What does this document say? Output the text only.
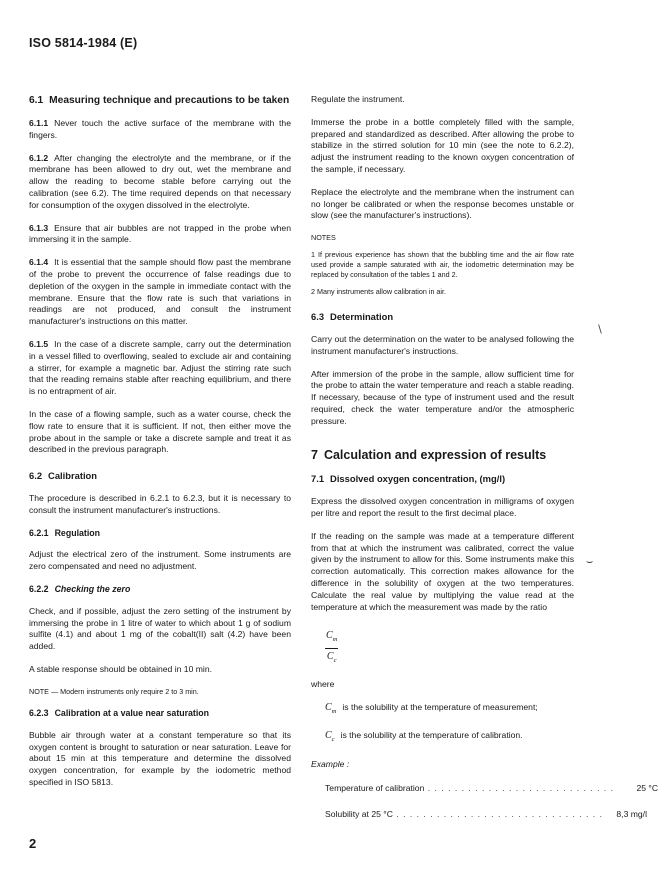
ISO 5814-1984 (E)
6.1 Measuring technique and precautions to be taken

6.1.1 Never touch the active surface of the membrane with the fingers.

6.1.2 After changing the electrolyte and the membrane, or if the membrane has been allowed to dry out, wet the membrane and allow the reading to become stable before carrying out the calibration (see 6.2). The time required depends on that necessary for consumption of the oxygen dissolved in the electrolyte.

6.1.3 Ensure that air bubbles are not trapped in the probe when immersing it in the sample.

6.1.4 It is essential that the sample should flow past the membrane of the probe to prevent the occurrence of false readings due to depletion of the oxygen in the sample in immediate contact with the membrane. Ensure that the flow rate is such that variations in readings are not produced, and consult the instrument manufacturer's instructions on this matter.

6.1.5 In the case of a discrete sample, carry out the determination in a vessel filled to overflowing, sealed to exclude air and containing a stirrer, for example a magnetic bar. Adjust the stirring rate such that the reading remains stable after reaching equilibrium, and there is no entrapment of air.

In the case of a flowing sample, such as a water course, check the flow rate to ensure that it is sufficient. If not, then either move the probe about in the sample or take a discrete sample and treat it as described in the previous paragraph.

6.2 Calibration

The procedure is described in 6.2.1 to 6.2.3, but it is necessary to consult the instrument manufacturer's instructions.

6.2.1 Regulation

Adjust the electrical zero of the instrument. Some instruments are zero compensated and need no adjustment.

6.2.2 Checking the zero

Check, and if possible, adjust the zero setting of the instrument by immersing the probe in 1 litre of water to which about 1 g of sodium sulfite (4.1) and about 1 mg of the cobalt(II) salt (4.2) have been added.

A stable response should be obtained in 10 min.

NOTE — Modern instruments only require 2 to 3 min.

6.2.3 Calibration at a value near saturation

Bubble air through water at a constant temperature so that its oxygen content is brought to saturation or near saturation. Leave for about 15 min at this temperature and determine the dissolved oxygen concentration, for example by the iodometric method specified in ISO 5813.

Regulate the instrument.

Immerse the probe in a bottle completely filled with the sample, prepared and standardized as described. After allowing the probe to stabilize in the stirred solution for 10 min (see the note to 6.2.2), adjust the instrument reading to the known oxygen concentration of the sample, if necessary.

Replace the electrolyte and the membrane when the instrument can no longer be calibrated or when the response becomes unstable or slow (see the manufacturer's instructions).

NOTES

1 If previous experience has shown that the bubbling time and the air flow rate used provide a sample saturated with air, the iodometric determination may be replaced by consultation of the tables 1 and 2.

2 Many instruments allow calibration in air.

6.3 Determination

Carry out the determination on the water to be analysed following the instrument manufacturer's instructions.

After immersion of the probe in the sample, allow sufficient time for the probe to attain the water temperature and reach a stable reading. If necessary, because of the type of instrument used and the result required, check the water temperature and/or the atmospheric pressure.

7 Calculation and expression of results
7.1 Dissolved oxygen concentration, (mg/l)

Express the dissolved oxygen concentration in milligrams of oxygen per litre and report the result to the first decimal place.

If the reading on the sample was made at a temperature different from that at which the instrument was calibrated, correct the value given by the instrument to allow for this. Some instruments make this correction automatically. This correction makes allowance for the difference in the solubility of oxygen at the two temperatures. Calculate the real value by multiplying the value read at the temperature at which the measurement was made by the ratio

$\frac{C_m}{C_c}$

where

$C_m$ is the solubility at the temperature of measurement;
$C_c$ is the solubility at the temperature of calibration.
Example :
Temperature of calibration . . . . . . . . . . . . . . . . . . . . . . . . . . . .	25 °C
Solubility at 25 °C . . . . . . . . . . . . . . . . . . . . . . . . . . . . . . .	8,3 mg/l
∖
⌣
2
